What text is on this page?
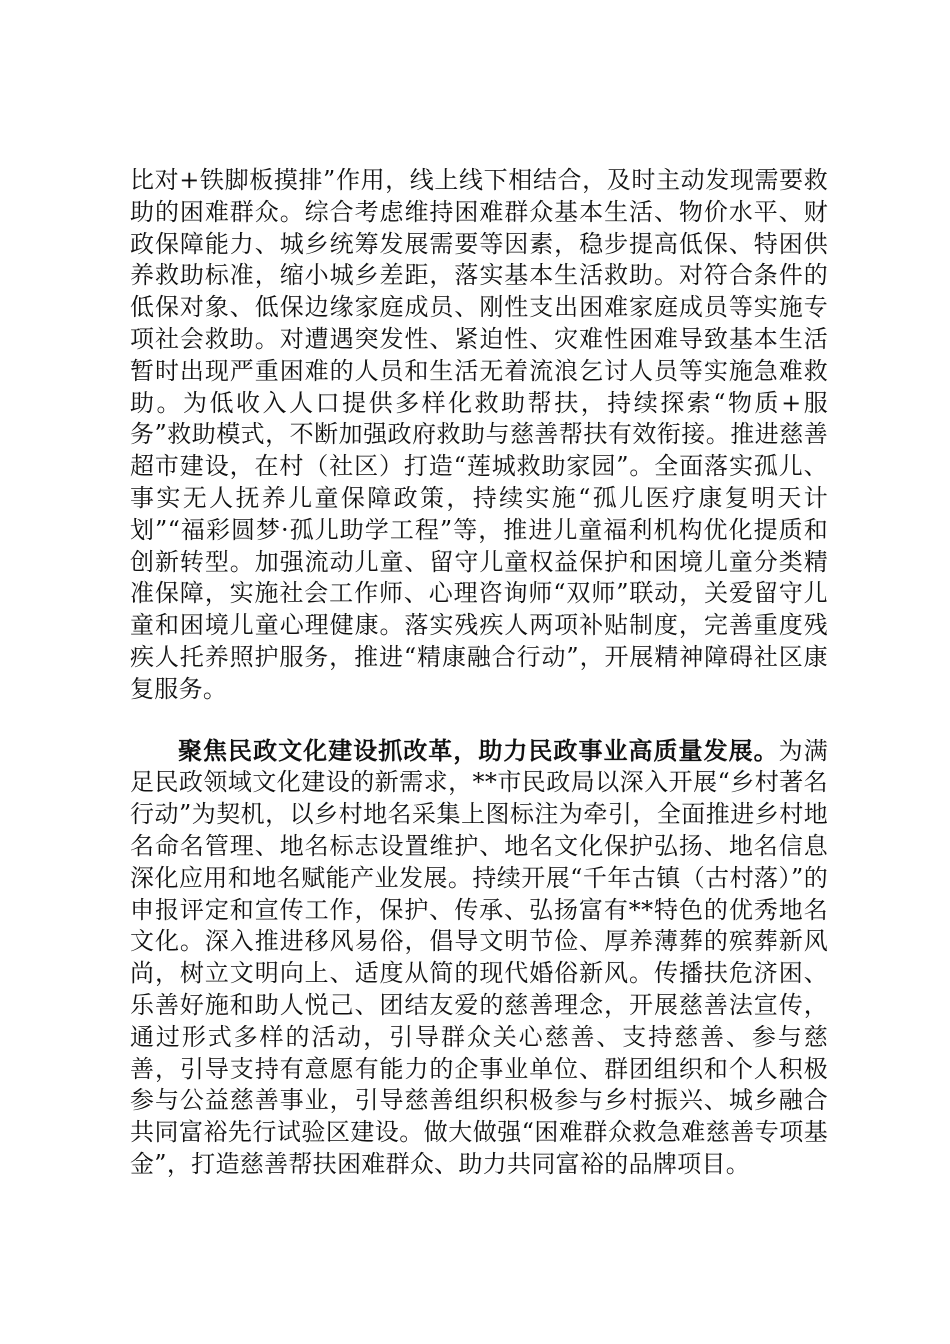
比对+铁脚板摸排”作用，线上线下相结合，及时主动发现需要救助的困难群众。综合考虑维持困难群众基本生活、物价水平、财政保障能力、城乡统筹发展需要等因素，稳步提高低保、特困供养救助标准，缩小城乡差距，落实基本生活救助。对符合条件的低保对象、低保边缘家庭成员、刚性支出困难家庭成员等实施专项社会救助。对遭遇突发性、紧迫性、灾难性困难导致基本生活暂时出现严重困难的人员和生活无着流浪乞讨人员等实施急难救助。为低收入人口提供多样化救助帮扶，持续探索“物质+服务”救助模式，不断加强政府救助与慈善帮扶有效衔接。推进慈善超市建设，在村（社区）打造“莲城救助家园”。全面落实孤儿、事实无人抚养儿童保障政策，持续实施“孤儿医疗康复明天计划”“福彩圆梦·孤儿助学工程”等，推进儿童福利机构优化提质和创新转型。加强流动儿童、留守儿童权益保护和困境儿童分类精准保障，实施社会工作师、心理咨询师“双师”联动，关爱留守儿童和困境儿童心理健康。落实残疾人两项补贴制度，完善重度残疾人托养照护服务，推进“精康融合行动”，开展精神障碍社区康复服务。

聚焦民政文化建设抓改革，助力民政事业高质量发展。为满足民政领域文化建设的新需求，**市民政局以深入开展“乡村著名行动”为契机，以乡村地名采集上图标注为牵引，全面推进乡村地名命名管理、地名标志设置维护、地名文化保护弘扬、地名信息深化应用和地名赋能产业发展。持续开展“千年古镇（古村落）”的申报评定和宣传工作，保护、传承、弘扬富有**特色的优秀地名文化。深入推进移风易俗，倡导文明节俭、厚养薄葬的殡葬新风尚，树立文明向上、适度从简的现代婚俗新风。传播扶危济困、乐善好施和助人悦己、团结友爱的慈善理念，开展慈善法宣传，通过形式多样的活动，引导群众关心慈善、支持慈善、参与慈善，引导支持有意愿有能力的企事业单位、群团组织和个人积极参与公益慈善事业，引导慈善组织积极参与乡村振兴、城乡融合共同富裕先行试验区建设。做大做强“困难群众救急难慈善专项基金”，打造慈善帮扶困难群众、助力共同富裕的品牌项目。
